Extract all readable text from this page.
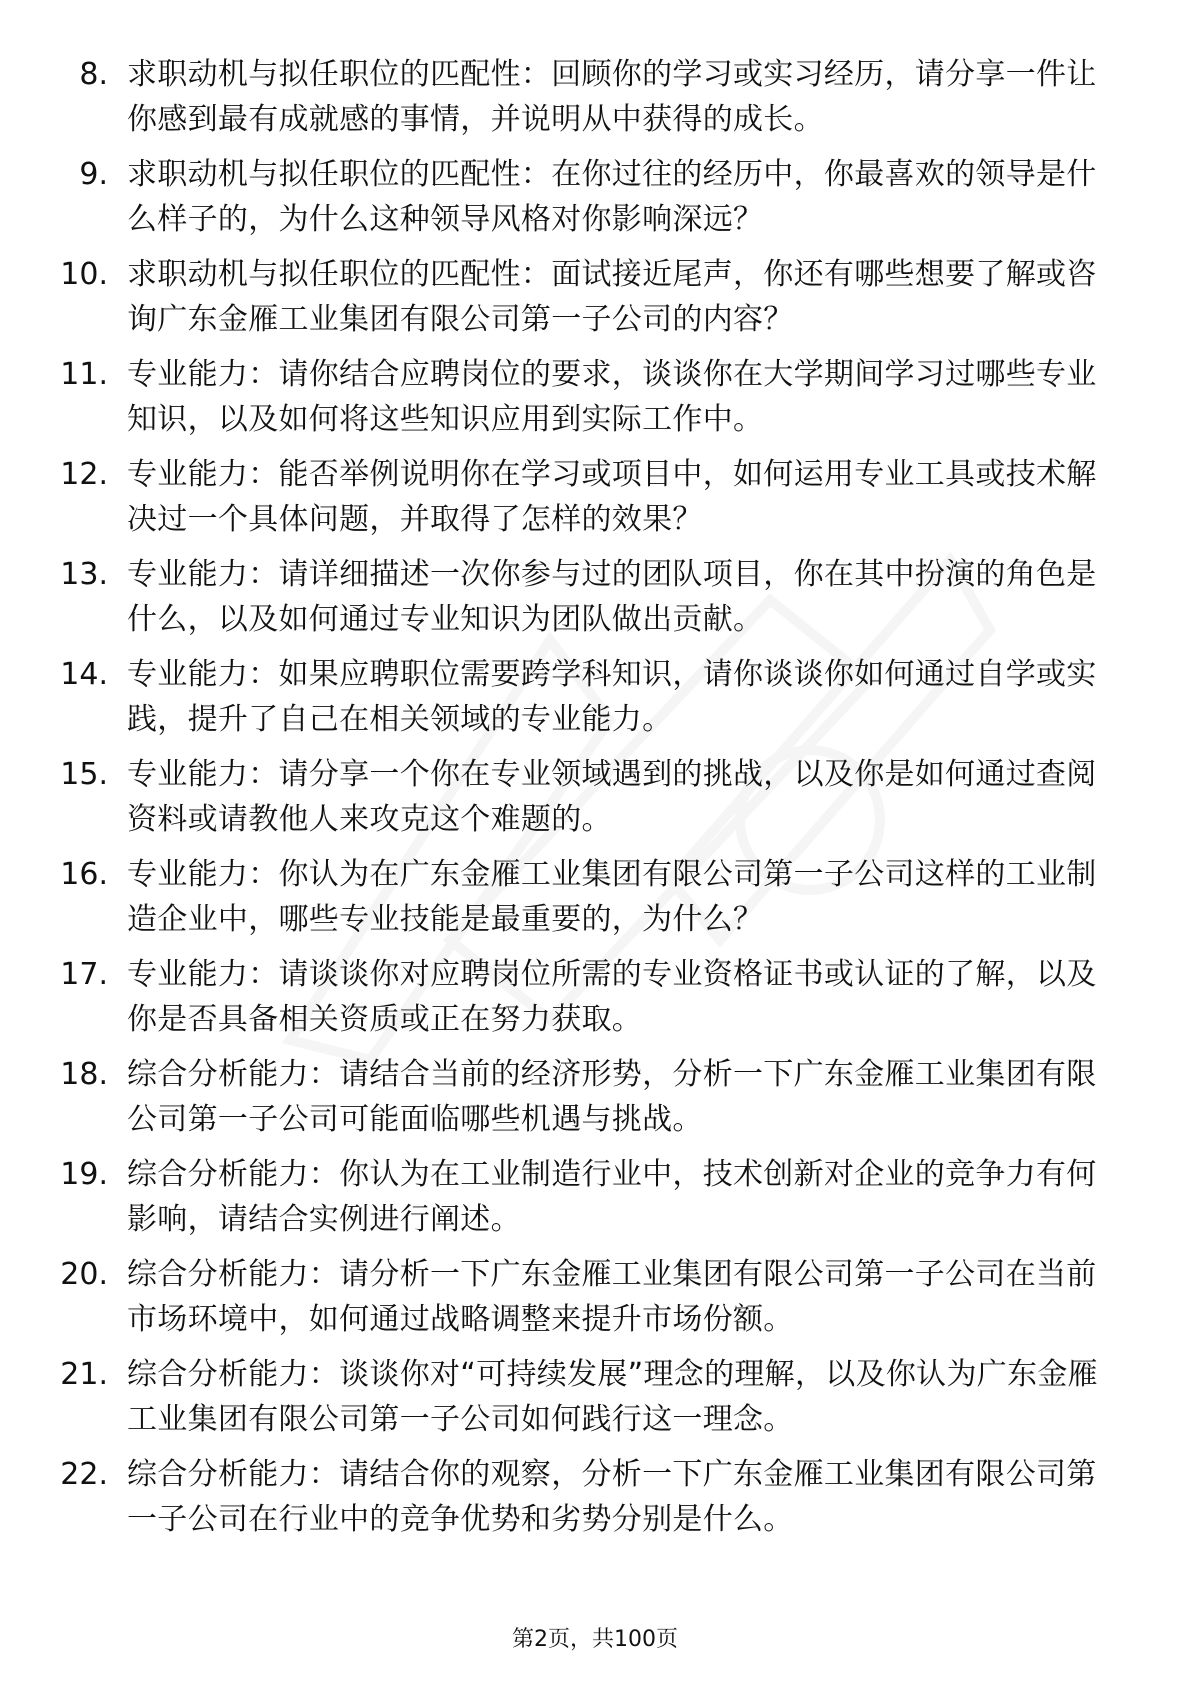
8. 求职动机与拟任职位的匹配性：回顾你的学习或实习经历，请分享一件让你感到最有成就感的事情，并说明从中获得的成长。
9. 求职动机与拟任职位的匹配性：在你过往的经历中，你最喜欢的领导是什么样子的，为什么这种领导风格对你影响深远？
10. 求职动机与拟任职位的匹配性：面试接近尾声，你还有哪些想要了解或咨询广东金雁工业集团有限公司第一子公司的内容？
11. 专业能力：请你结合应聘岗位的要求，谈谈你在大学期间学习过哪些专业知识，以及如何将这些知识应用到实际工作中。
12. 专业能力：能否举例说明你在学习或项目中，如何运用专业工具或技术解决过一个具体问题，并取得了怎样的效果？
13. 专业能力：请详细描述一次你参与过的团队项目，你在其中扮演的角色是什么，以及如何通过专业知识为团队做出贡献。
14. 专业能力：如果应聘职位需要跨学科知识，请你谈谈你如何通过自学或实践，提升了自己在相关领域的专业能力。
15. 专业能力：请分享一个你在专业领域遇到的挑战，以及你是如何通过查阅资料或请教他人来攻克这个难题的。
16. 专业能力：你认为在广东金雁工业集团有限公司第一子公司这样的工业制造企业中，哪些专业技能是最重要的，为什么？
17. 专业能力：请谈谈你对应聘岗位所需的专业资格证书或认证的了解，以及你是否具备相关资质或正在努力获取。
18. 综合分析能力：请结合当前的经济形势，分析一下广东金雁工业集团有限公司第一子公司可能面临哪些机遇与挑战。
19. 综合分析能力：你认为在工业制造行业中，技术创新对企业的竞争力有何影响，请结合实例进行阐述。
20. 综合分析能力：请分析一下广东金雁工业集团有限公司第一子公司在当前市场环境中，如何通过战略调整来提升市场份额。
21. 综合分析能力：谈谈你对“可持续发展”理念的理解，以及你认为广东金雁工业集团有限公司第一子公司如何践行这一理念。
22. 综合分析能力：请结合你的观察，分析一下广东金雁工业集团有限公司第一子公司在行业中的竞争优势和劣势分别是什么。
第2页，共100页
